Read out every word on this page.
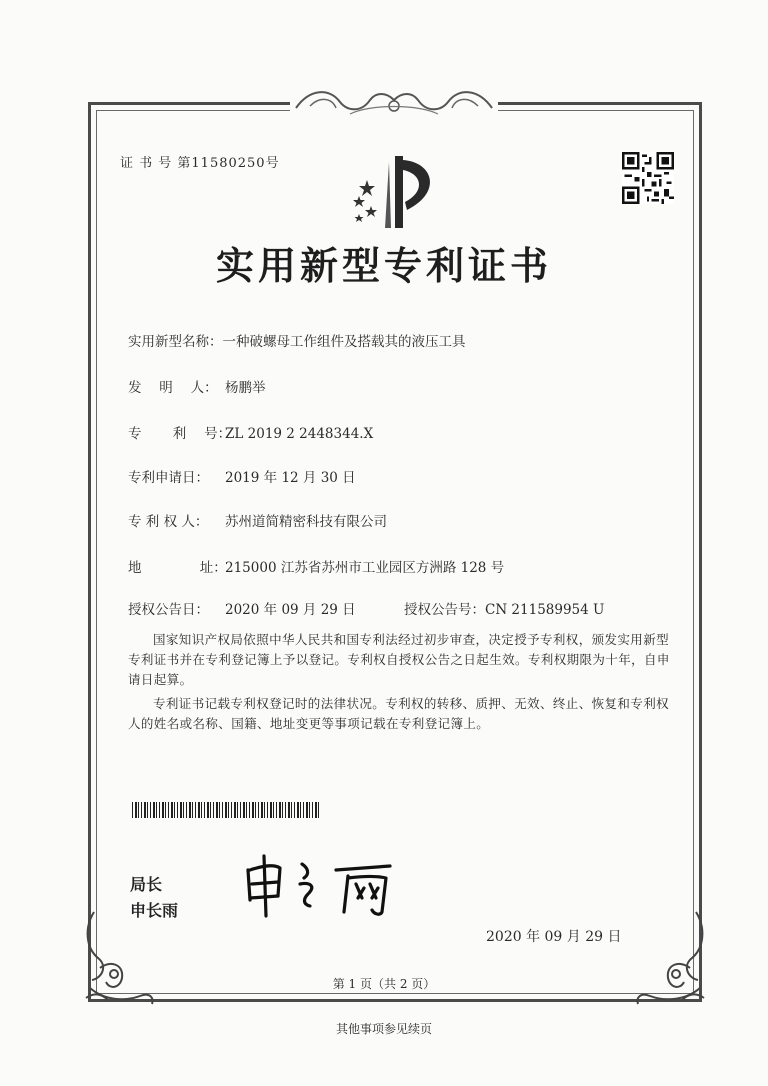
证 书 号 第11580250号
实用新型专利证书
实用新型名称：一种破螺母工作组件及搭载其的液压工具
发　 明　 人： 杨鹏举
专　　 利　 号：ZL 2019 2 2448344.X
专利申请日： 2019 年 12 月 30 日
专 利 权 人： 苏州道简精密科技有限公司
地　　　　 址：215000 江苏省苏州市工业园区方洲路 128 号
授权公告日： 2020 年 09 月 29 日	授权公告号：CN 211589954 U
国家知识产权局依照中华人民共和国专利法经过初步审查，决定授予专利权，颁发实用新型专利证书并在专利登记簿上予以登记。专利权自授权公告之日起生效。专利权期限为十年，自申请日起算。
专利证书记载专利权登记时的法律状况。专利权的转移、质押、无效、终止、恢复和专利权人的姓名或名称、国籍、地址变更等事项记载在专利登记簿上。
局长
申长雨
2020 年 09 月 29 日
第 1 页（共 2 页）
其他事项参见续页
